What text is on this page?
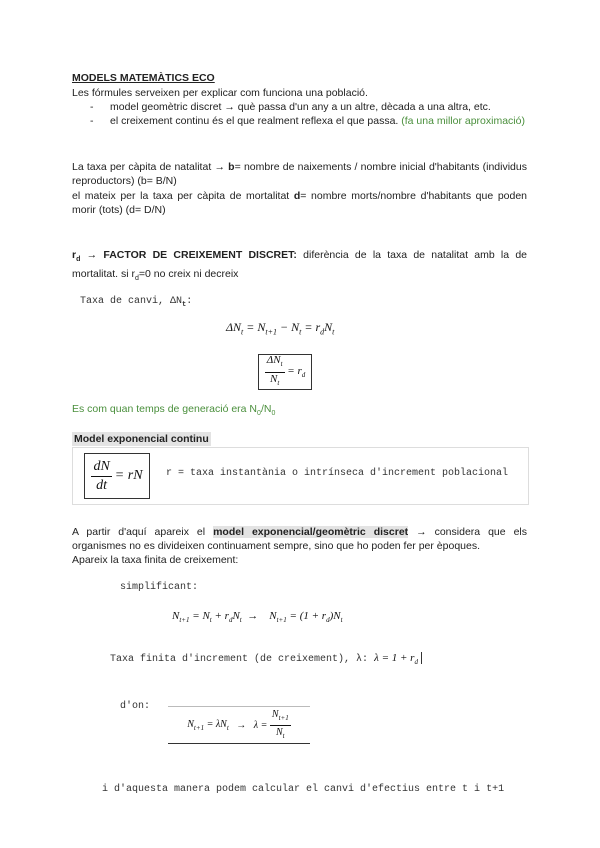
MODELS MATEMÀTICS ECO
Les fórmules serveixen per explicar com funciona una població.
- model geomètric discret → què passa d'un any a un altre, dècada a una altra, etc.
- el creixement continu és el que realment reflexa el que passa. (fa una millor aproximació)
La taxa per càpita de natalitat → b= nombre de naixements / nombre inicial d'habitants (individus reproductors) (b= B/N)
el mateix per la taxa per càpita de mortalitat d= nombre morts/nombre d'habitants que poden morir (tots) (d= D/N)
$r_d$ → FACTOR DE CREIXEMENT DISCRET: diferència de la taxa de natalitat amb la de mortalitat. si $r_d=0$ no creix ni decreix
Taxa de canvi, $\Delta N_t$:
$\Delta N_t = N_{t+1} - N_t = r_dN_t$
$\frac{\Delta N_t}{N_t} = r_d$
Es com quan temps de generació era $N_0/N_0$
Model exponencial continu
$\frac{dN}{dt}$ = rN r = taxa instantània o intrínseca d'increment poblacional
A partir d'aquí apareix el model exponencial/geomètric discret → considera que els organismes no es divideixen continuament sempre, sino que ho poden fer per èpoques.
Apareix la taxa finita de creixement:
simplificant:
$N_{t+1} = N_t + r_dN_t$  →    $N_{t+1} = (1 + r_d)N_t$
Taxa finita d'increment (de creixement), λ: $\lambda = 1 + r_d$
d'on:
$N_{t+1} = \lambda N_t \to \lambda = \frac{N_{t+1}}{N_t}$
i d'aquesta manera podem calcular el canvi d'efectius entre t i t+1
